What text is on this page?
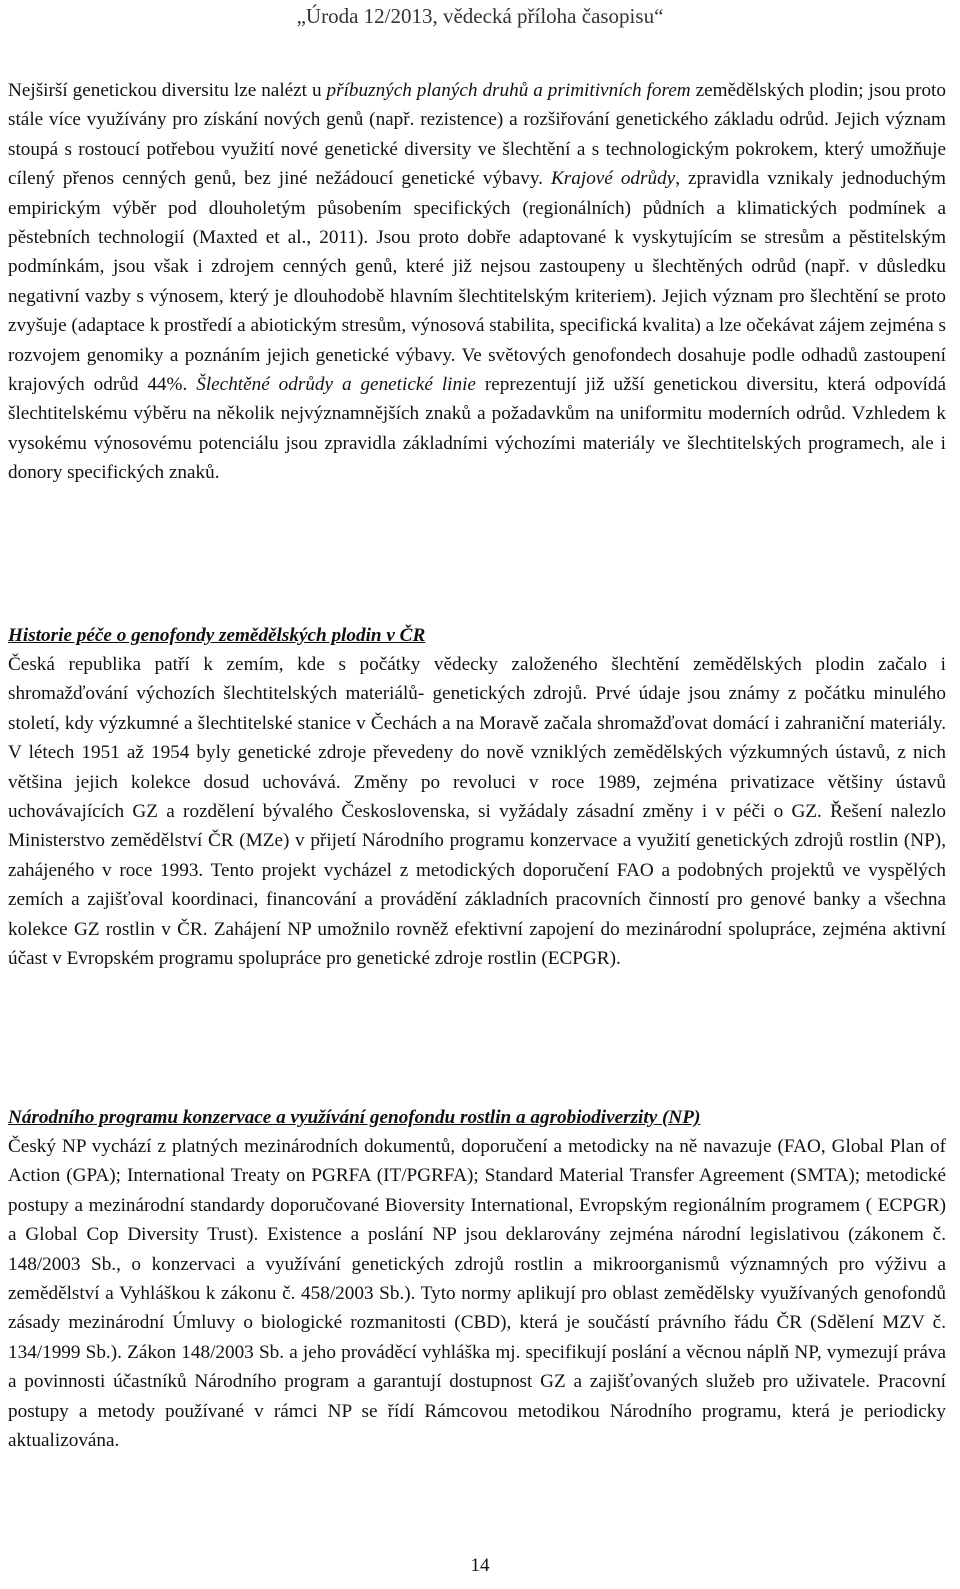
„Úroda 12/2013, vědecká příloha časopisu“

Nejširší genetickou diversitu lze nalézt u příbuzných planých druhů a primitivních forem zemědělských plodin; jsou proto stále více využívány pro získání nových genů (např. rezistence) a rozšiřování genetického základu odrůd. Jejich význam stoupá s rostoucí potřebou využití nové genetické diversity ve šlechtění a s technologickým pokrokem, který umožňuje cílený přenos cenných genů, bez jiné nežádoucí genetické výbavy. Krajové odrůdy, zpravidla vznikaly jednoduchým empirickým výběr pod dlouholetým působením specifických (regionálních) půdních a klimatických podmínek a pěstebních technologií (Maxted et al., 2011). Jsou proto dobře adaptované k vyskytujícím se stresům a pěstitelským podmínkám, jsou však i zdrojem cenných genů, které již nejsou zastoupeny u šlechtěných odrůd (např. v důsledku negativní vazby s výnosem, který je dlouhodobě hlavním šlechtitelským kriteriem). Jejich význam pro šlechtění se proto zvyšuje (adaptace k prostředí a abiotickým stresům, výnosová stabilita, specifická kvalita) a lze očekávat zájem zejména s rozvojem genomiky a poznáním jejich genetické výbavy. Ve světových genofondech dosahuje podle odhadů zastoupení krajových odrůd 44%. Šlechtěné odrůdy a genetické linie reprezentují již užší genetickou diversitu, která odpovídá šlechtitelskému výběru na několik nejvýznamnějších znaků a požadavkům na uniformitu moderních odrůd. Vzhledem k vysokému výnosovému potenciálu jsou zpravidla základními výchozími materiály ve šlechtitelských programech, ale i donory specifických znaků.

Historie péče o genofondy zemědělských plodin v ČR

Česká republika patří k zemím, kde s počátky vědecky založeného šlechtění zemědělských plodin začalo i shromažďování výchozích šlechtitelských materiálů- genetických zdrojů. Prvé údaje jsou známy z počátku minulého století, kdy výzkumné a šlechtitelské stanice v Čechách a na Moravě začala shromažďovat domácí i zahraniční materiály. V létech 1951 až 1954 byly genetické zdroje převedeny do nově vzniklých zemědělských výzkumných ústavů, z nich většina jejich kolekce dosud uchovává. Změny po revoluci v roce 1989, zejména privatizace většiny ústavů uchovávajících GZ a rozdělení bývalého Československa, si vyžádaly zásadní změny i v péči o GZ. Řešení nalezlo Ministerstvo zemědělství ČR (MZe) v přijetí Národního programu konzervace a využití genetických zdrojů rostlin (NP), zahájeného v roce 1993. Tento projekt vycházel z metodických doporučení FAO a podobných projektů ve vyspělých zemích a zajišťoval koordinaci, financování a provádění základních pracovních činností pro genové banky a všechna kolekce GZ rostlin v ČR. Zahájení NP umožnilo rovněž efektivní zapojení do mezinárodní spolupráce, zejména aktivní účast v Evropském programu spolupráce pro genetické zdroje rostlin (ECPGR).

Národního programu konzervace a využívání genofondu rostlin a agrobiodiverzity (NP)

Český NP vychází z platných mezinárodních dokumentů, doporučení a metodicky na ně navazuje (FAO, Global Plan of Action (GPA); International Treaty on PGRFA (IT/PGRFA); Standard Material Transfer Agreement (SMTA); metodické postupy a mezinárodní standardy doporučované Bioversity International, Evropským regionálním programem ( ECPGR) a Global Cop Diversity Trust). Existence a poslání NP jsou deklarovány zejména národní legislativou (zákonem č. 148/2003 Sb., o konzervaci a využívání genetických zdrojů rostlin a mikroorganismů významných pro výživu a zemědělství a Vyhláškou k zákonu č. 458/2003 Sb.). Tyto normy aplikují pro oblast zemědělsky využívaných genofondů zásady mezinárodní Úmluvy o biologické rozmanitosti (CBD), která je součástí právního řádu ČR (Sdělení MZV č. 134/1999 Sb.). Zákon 148/2003 Sb. a jeho prováděcí vyhláška mj. specifikují poslání a věcnou náplň NP, vymezují práva a povinnosti účastníků Národního program a garantují dostupnost GZ a zajišťovaných služeb pro uživatele. Pracovní postupy a metody používané v rámci NP se řídí Rámcovou metodikou Národního programu, která je periodicky aktualizována.

14
